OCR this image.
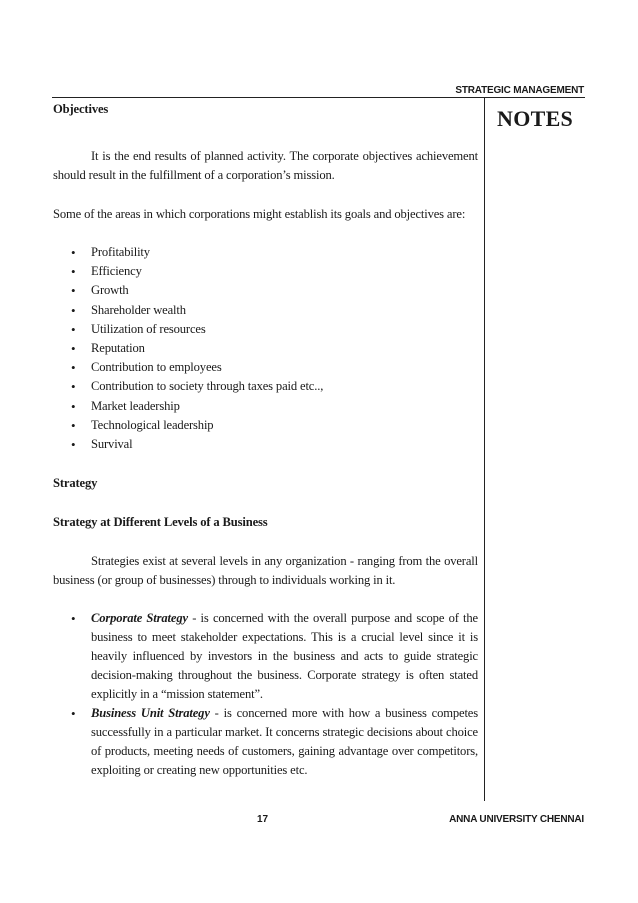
STRATEGIC MANAGEMENT
NOTES

Objectives

It is the end results of planned activity. The corporate objectives achievement should result in the fulfillment of a corporation’s mission.

Some of the areas in which corporations might establish its goals and objectives are:

• Profitability
• Efficiency
• Growth
• Shareholder wealth
• Utilization of resources
• Reputation
• Contribution to employees
• Contribution to society through taxes paid etc..,
• Market leadership
• Technological leadership
• Survival

Strategy

Strategy at Different Levels of a Business

Strategies exist at several levels in any organization - ranging from the overall business (or group of businesses) through to individuals working in it.

• Corporate Strategy - is concerned with the overall purpose and scope of the business to meet stakeholder expectations. This is a crucial level since it is heavily influenced by investors in the business and acts to guide strategic decision-making throughout the business. Corporate strategy is often stated explicitly in a “mission statement”.
• Business Unit Strategy - is concerned more with how a business competes successfully in a particular market. It concerns strategic decisions about choice of products, meeting needs of customers, gaining advantage over competitors, exploiting or creating new opportunities etc.
17	ANNA UNIVERSITY CHENNAI
